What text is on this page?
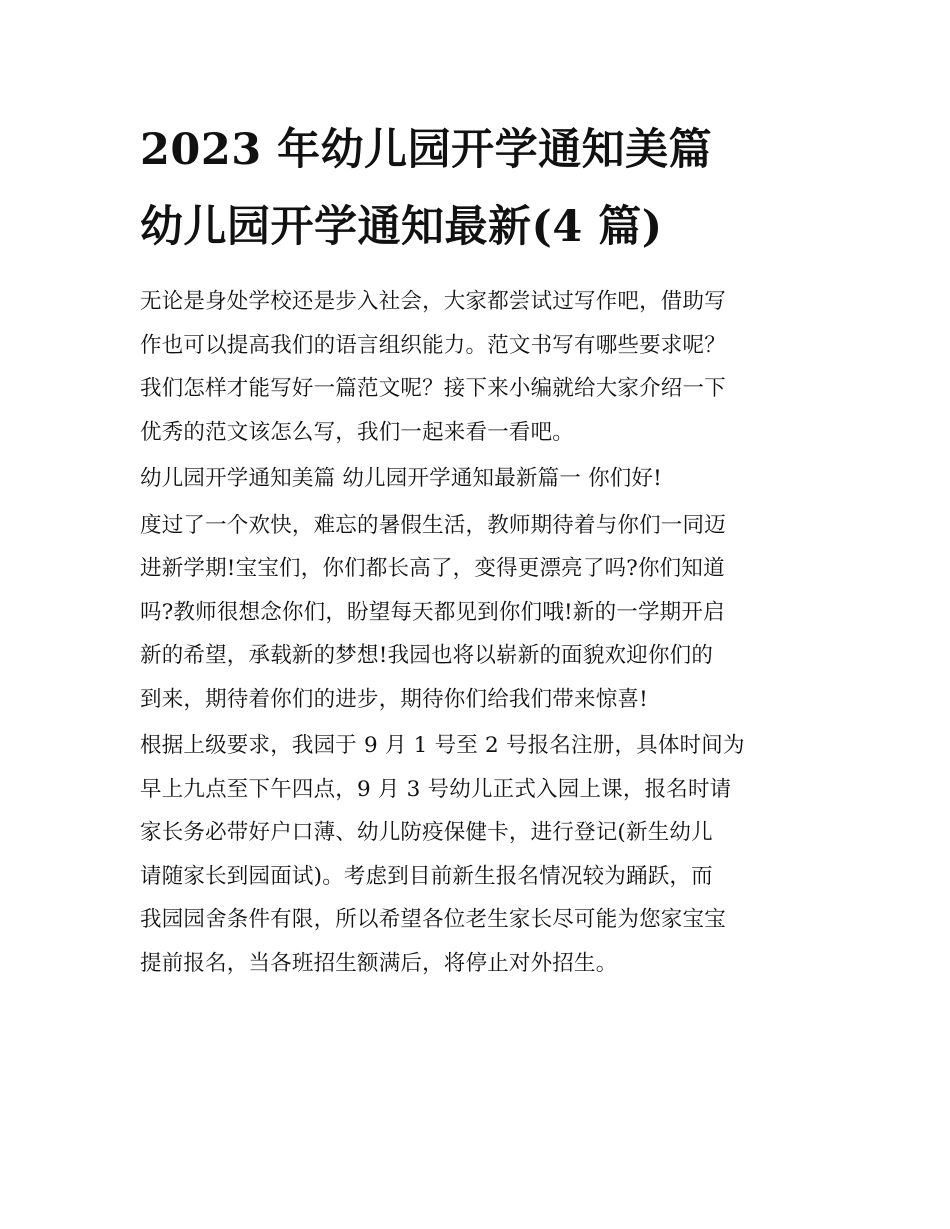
2023 年幼儿园开学通知美篇
幼儿园开学通知最新(4 篇)

无论是身处学校还是步入社会，大家都尝试过写作吧，借助写
作也可以提高我们的语言组织能力。范文书写有哪些要求呢？
我们怎样才能写好一篇范文呢？接下来小编就给大家介绍一下
优秀的范文该怎么写，我们一起来看一看吧。

幼儿园开学通知美篇 幼儿园开学通知最新篇一 你们好!

度过了一个欢快，难忘的暑假生活，教师期待着与你们一同迈
进新学期!宝宝们，你们都长高了，变得更漂亮了吗?你们知道
吗?教师很想念你们，盼望每天都见到你们哦!新的一学期开启
新的希望，承载新的梦想!我园也将以崭新的面貌欢迎你们的
到来，期待着你们的进步，期待你们给我们带来惊喜!

根据上级要求，我园于 9 月 1 号至 2 号报名注册，具体时间为
早上九点至下午四点，9 月 3 号幼儿正式入园上课，报名时请
家长务必带好户口薄、幼儿防疫保健卡，进行登记(新生幼儿
请随家长到园面试)。考虑到目前新生报名情况较为踊跃，而
我园园舍条件有限，所以希望各位老生家长尽可能为您家宝宝
提前报名，当各班招生额满后，将停止对外招生。
